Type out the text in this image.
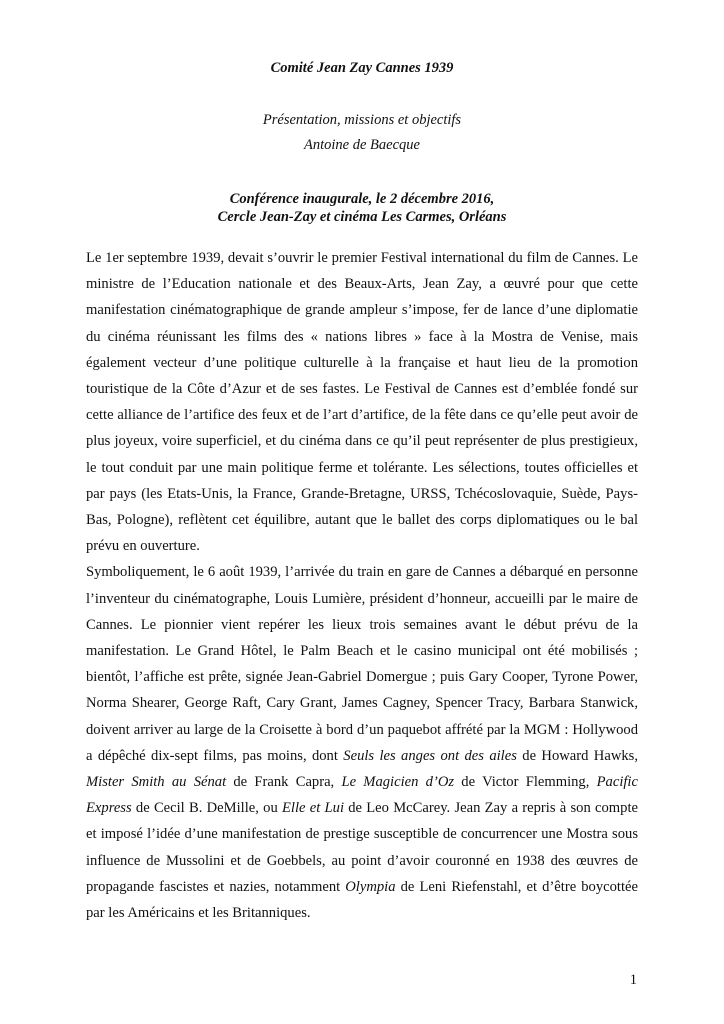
Comité Jean Zay Cannes 1939
Présentation, missions et objectifs
Antoine de Baecque
Conférence inaugurale, le 2 décembre 2016,
Cercle Jean-Zay et cinéma Les Carmes, Orléans

Le 1er septembre 1939, devait s’ouvrir le premier Festival international du film de Cannes. Le ministre de l’Education nationale et des Beaux-Arts, Jean Zay, a œuvré pour que cette manifestation cinématographique de grande ampleur s’impose, fer de lance d’une diplomatie du cinéma réunissant les films des « nations libres » face à la Mostra de Venise, mais également vecteur d’une politique culturelle à la française et haut lieu de la promotion touristique de la Côte d’Azur et de ses fastes. Le Festival de Cannes est d’emblée fondé sur cette alliance de l’artifice des feux et de l’art d’artifice, de la fête dans ce qu’elle peut avoir de plus joyeux, voire superficiel, et du cinéma dans ce qu’il peut représenter de plus prestigieux, le tout conduit par une main politique ferme et tolérante. Les sélections, toutes officielles et par pays (les Etats-Unis, la France, Grande-Bretagne, URSS, Tchécoslovaquie, Suède, Pays-Bas, Pologne), reflètent cet équilibre, autant que le ballet des corps diplomatiques ou le bal prévu en ouverture.

Symboliquement, le 6 août 1939, l’arrivée du train en gare de Cannes a débarqué en personne l’inventeur du cinématographe, Louis Lumière, président d’honneur, accueilli par le maire de Cannes. Le pionnier vient repérer les lieux trois semaines avant le début prévu de la manifestation. Le Grand Hôtel, le Palm Beach et le casino municipal ont été mobilisés ; bientôt, l’affiche est prête, signée Jean-Gabriel Domergue ; puis Gary Cooper, Tyrone Power, Norma Shearer, George Raft, Cary Grant, James Cagney, Spencer Tracy, Barbara Stanwick, doivent arriver au large de la Croisette à bord d’un paquebot affrété par la MGM : Hollywood a dépêché dix-sept films, pas moins, dont Seuls les anges ont des ailes de Howard Hawks, Mister Smith au Sénat de Frank Capra, Le Magicien d’Oz de Victor Flemming, Pacific Express de Cecil B. DeMille, ou Elle et Lui de Leo McCarey. Jean Zay a repris à son compte et imposé l’idée d’une manifestation de prestige susceptible de concurrencer une Mostra sous influence de Mussolini et de Goebbels, au point d’avoir couronné en 1938 des œuvres de propagande fascistes et nazies, notamment Olympia de Leni Riefenstahl, et d’être boycottée par les Américains et les Britanniques.

1
